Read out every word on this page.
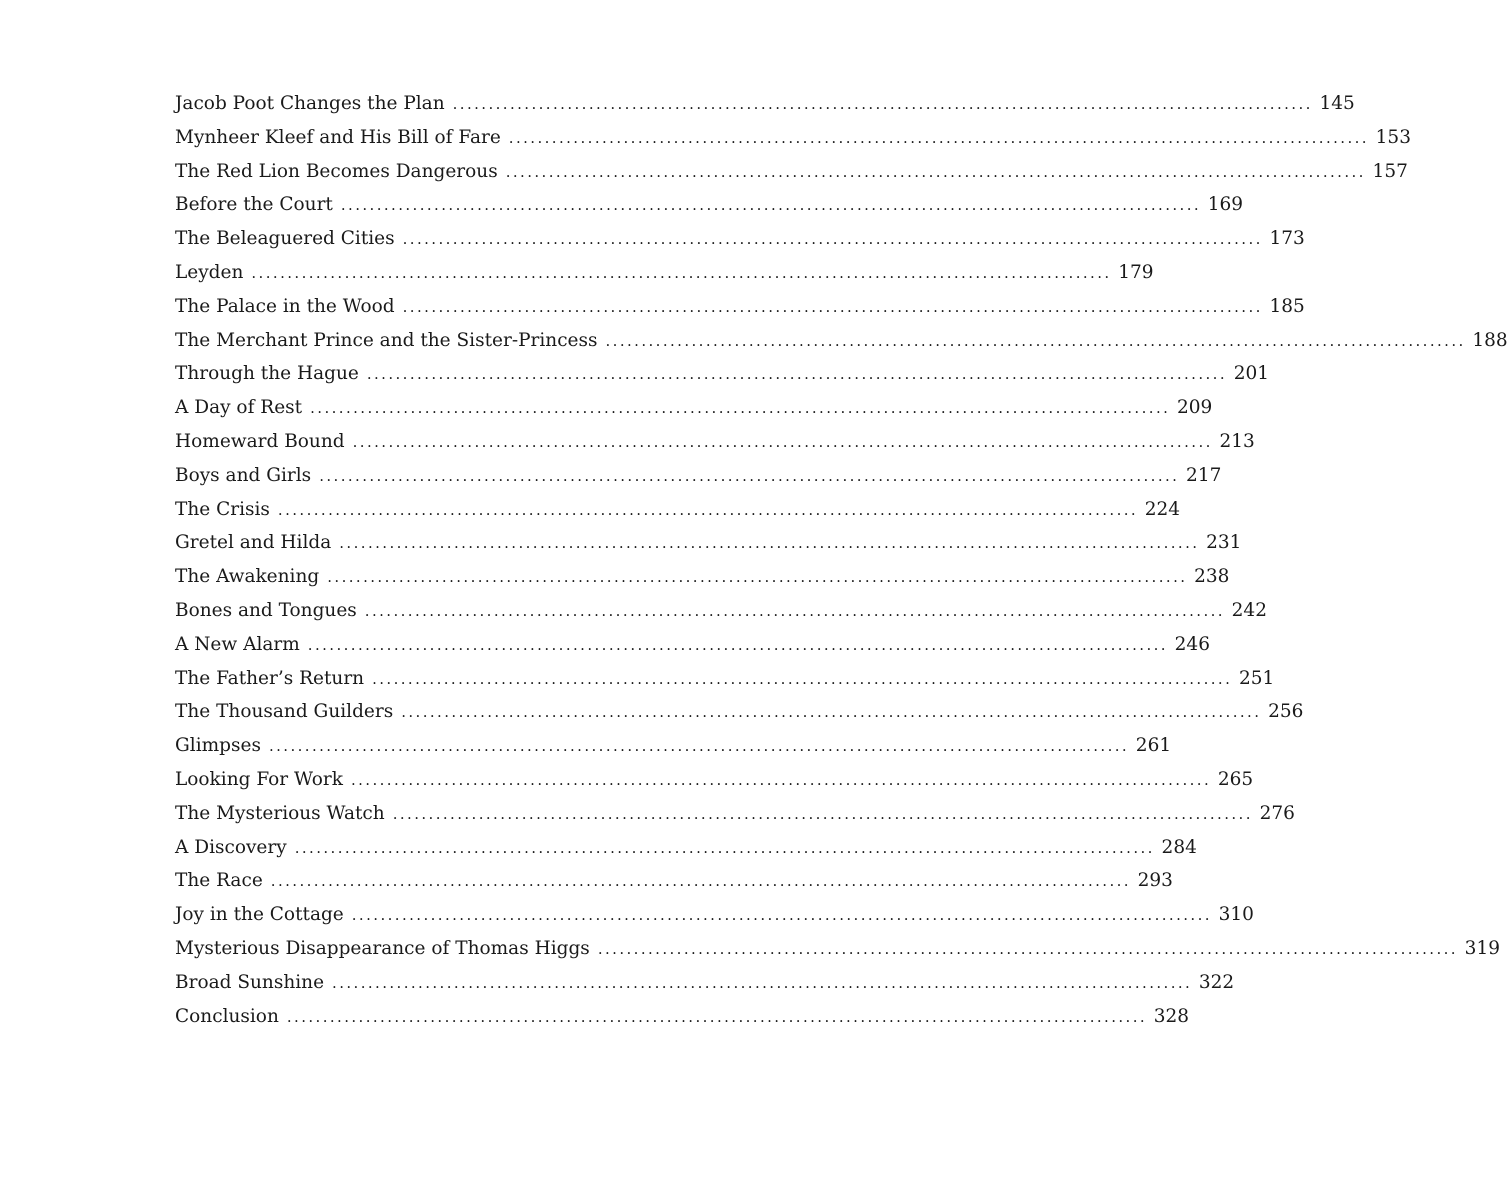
Jacob Poot Changes the Plan ........................................................................................................................ 145
Mynheer Kleef and His Bill of Fare ........................................................................................................................ 153
The Red Lion Becomes Dangerous ........................................................................................................................ 157
Before the Court ........................................................................................................................ 169
The Beleaguered Cities ........................................................................................................................ 173
Leyden ........................................................................................................................ 179
The Palace in the Wood ........................................................................................................................ 185
The Merchant Prince and the Sister-Princess ........................................................................................................................ 188
Through the Hague ........................................................................................................................ 201
A Day of Rest ........................................................................................................................ 209
Homeward Bound ........................................................................................................................ 213
Boys and Girls ........................................................................................................................ 217
The Crisis ........................................................................................................................ 224
Gretel and Hilda ........................................................................................................................ 231
The Awakening ........................................................................................................................ 238
Bones and Tongues ........................................................................................................................ 242
A New Alarm ........................................................................................................................ 246
The Father’s Return ........................................................................................................................ 251
The Thousand Guilders ........................................................................................................................ 256
Glimpses ........................................................................................................................ 261
Looking For Work ........................................................................................................................ 265
The Mysterious Watch ........................................................................................................................ 276
A Discovery ........................................................................................................................ 284
The Race ........................................................................................................................ 293
Joy in the Cottage ........................................................................................................................ 310
Mysterious Disappearance of Thomas Higgs ........................................................................................................................ 319
Broad Sunshine ........................................................................................................................ 322
Conclusion ........................................................................................................................ 328
